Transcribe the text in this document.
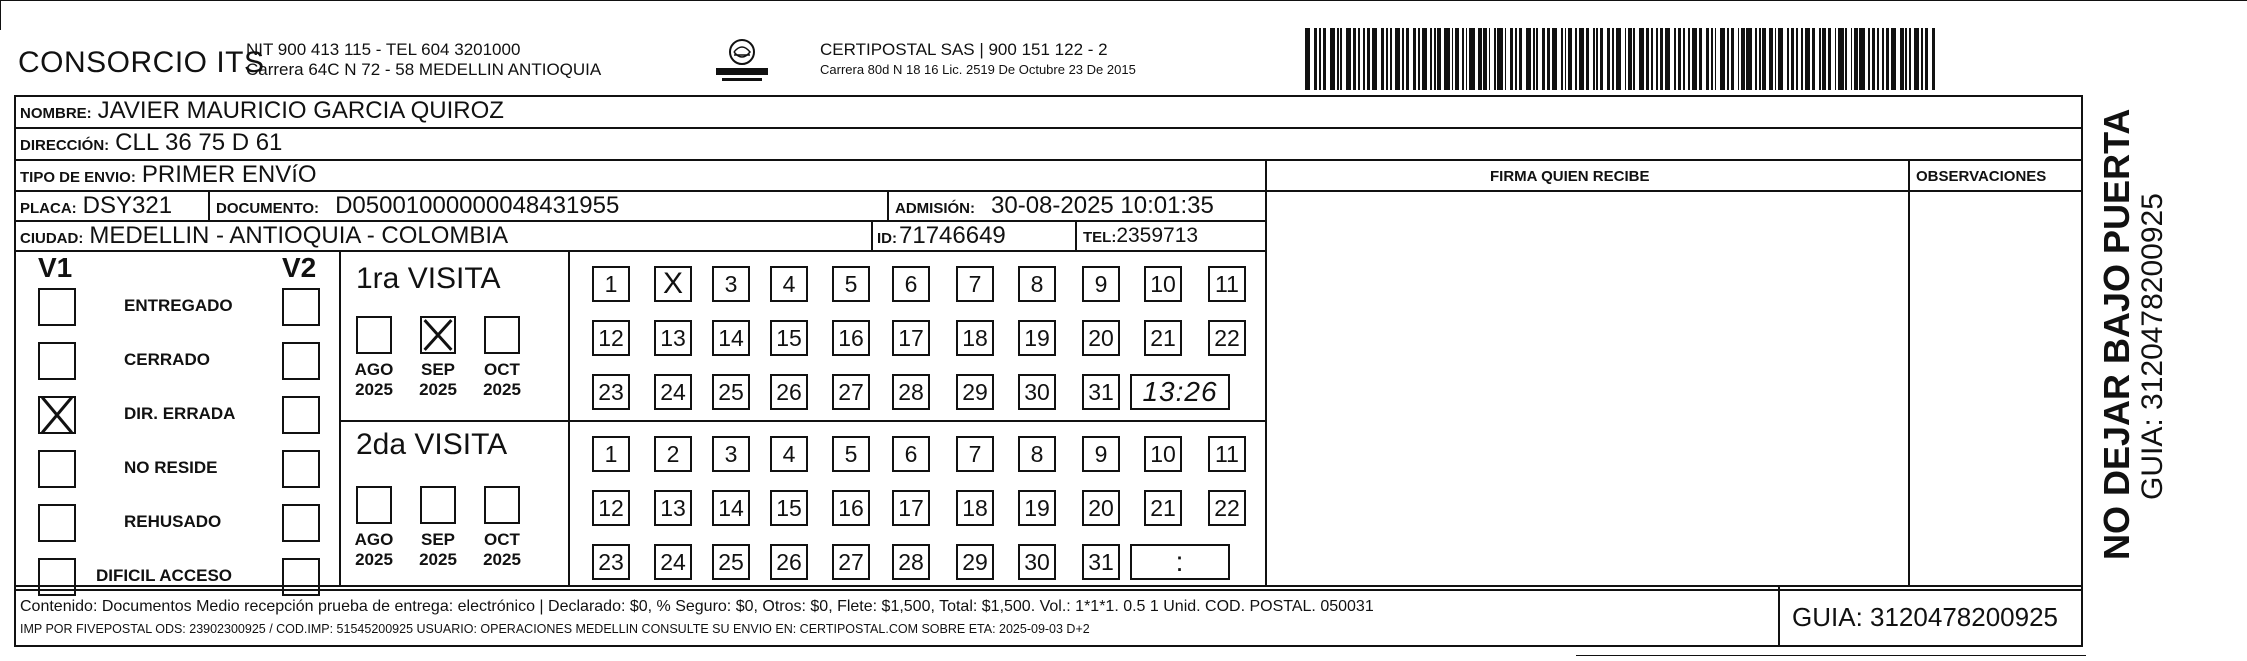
CONSORCIO ITS
NIT 900 413 115 - TEL 604 3201000
Carrera 64C N 72 - 58 MEDELLIN ANTIOQUIA
CERTIPOSTAL SAS | 900 151 122 - 2
Carrera 80d N 18 16 Lic. 2519 De Octubre 23 De 2015
NOMBRE: JAVIER MAURICIO GARCIA QUIROZ
DIRECCIÓN: CLL 36 75 D 61
TIPO DE ENVIO: PRIMER ENVíO	FIRMA QUIEN RECIBE	OBSERVACIONES
PLACA: DSY321	DOCUMENTO: D05001000000048431955	ADMISIÓN: 30-08-2025 10:01:35
CIUDAD: MEDELLIN - ANTIOQUIA - COLOMBIA	ID: 71746649	TEL: 2359713
V1	V2
ENTREGADO
CERRADO
DIR. ERRADA
NO RESIDE
REHUSADO
DIFICIL ACCESO
1ra VISITA
2da VISITA
AGO
2025
SEP
2025
OCT
2025
AGO
2025
SEP
2025
OCT
2025
1	X	3	4	5	6	7	8	9	10	11
12 13 14 15 16 17 18 19 20 21 22
23 24 25 26 27 28 29 30 31	13:26
1	2	3	4	5	6	7	8	9	10	11
12 13 14 15 16 17 18 19 20 21 22
23 24 25 26 27 28 29 30 31	:
Contenido: Documentos Medio recepción prueba de entrega: electrónico | Declarado: $0, % Seguro: $0, Otros: $0, Flete: $1,500, Total: $1,500. Vol.: 1*1*1. 0.5 1 Unid. COD. POSTAL. 050031
IMP POR FIVEPOSTAL ODS: 23902300925 / COD.IMP: 51545200925 USUARIO: OPERACIONES MEDELLIN CONSULTE SU ENVIO EN: CERTIPOSTAL.COM SOBRE ETA: 2025-09-03 D+2	GUIA: 3120478200925
NO DEJAR BAJO PUERTA GUIA: 3120478200925
